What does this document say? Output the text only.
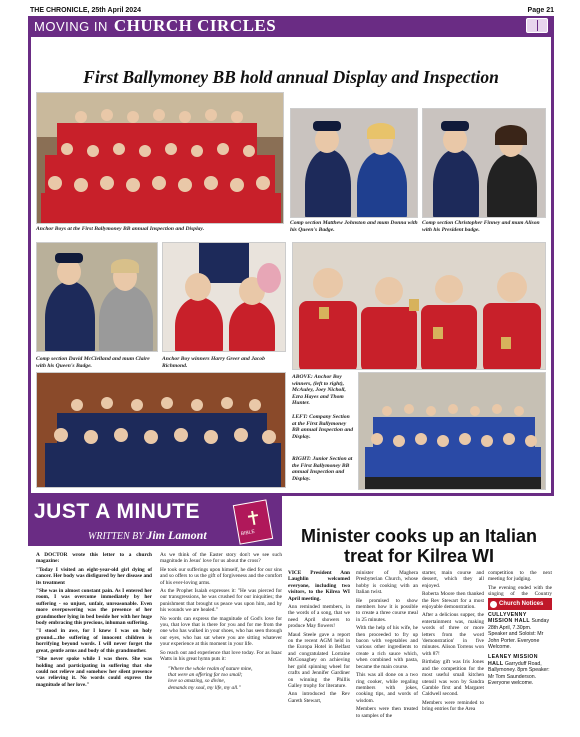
THE CHRONICLE, 25th April 2024	Page 21
MOVING IN CHURCH CIRCLES
First Ballymoney BB hold annual Display and Inspection
Anchor Boys at the First Ballymoney BB annual Inspection and Display.
Comp section Matthew Johnston and mum Donna with his Queen's Badge.
Comp section Christopher Finney and mum Alison with his President badge.
Comp section David McClelland and mum Claire with his Queen's Badge.
Anchor Boy winners Harry Greer and Jacob Richmond.
ABOVE: Anchor Boy winners, (left to right), McAuley, Joey Nicholl, Ezra Hayes and Thom Hunter.
LEFT: Company Section at the First Ballymoney BB annual Inspection and Display.
RIGHT: Junior Section at the First Ballymoney BB annual Inspection and Display.
JUST A MINUTE
WRITTEN BY Jim Lamont	BIBLE

A DOCTOR wrote this letter to a church magazine:

"Today I visited an eight-year-old girl dying of cancer. Her body was disfigured by her disease and its treatment

"She was in almost constant pain. As I entered her room, I was overcome immediately by her suffering - so unjust, unfair, unreasonable. Even more overpowering was the presence of her grandmother lying in bed beside her with her huge body embracing this precious, inhuman suffering.

"I stood in awe, for I knew I was on holy ground....the suffering of innocent children is horrifying beyond words. I will never forget the great, gentle arms and body of this grandmother.

"She never spoke while I was there. She was holding and participating in suffering that she could not relieve and somehow her silent presence was relieving it. No words could express the magnitude of her love."

As we think of the Easter story don't we see such magnitude in Jesus' love for us about the cross?

He took our sufferings upon himself, he died for our sins and so offers to us the gift of forgiveness and the comfort of his ever-loving arms.

As the Prophet Isaiah expresses it: "He was pierced for our transgressions, he was crushed for our iniquities; the punishment that brought us peace was upon him, and by his wounds we are healed."

No words can express the magnitude of God's love for you, that love that is there for you and for me from the one who has walked in your shoes, who has seen through our eyes, who has sat where you are sitting whatever your experience at this moment in your life.

So reach out and experience that love today. For as Isaac Watts in his great hymn puts it:

"Where the whole realm of nature mine,
that were an offering far too small;
love so amazing, so divine,
demands my soul, my life, my all."
Minister cooks up an Italian treat for Kilrea WI

VICE President Ann Laughlin welcomed everyone, including two visitors, to the Kilrea WI April meeting.

Ann reminded members, in the words of a song, that we need April showers to produce May flowers!

Maud Steele gave a report on the recent AGM held in the Europa Hotel in Belfast and congratulated Lorraine McGonaghey on achieving her gold spinning wheel for crafts and Jennifer Gardiner on winning the Phillis Galley trophy for literature.

Ann introduced the Rev Gareth Stewart,

minister of Maghera Presbyterian Church, whose hobby is cooking with an Italian twist.

He promised to show members how it is possible to create a three course meal in 25 minutes.

With the help of his wife, he then proceeded to fry up bacon with vegetables and various other ingredients to create a rich sauce which, when combined with pasta, became the main course.

This was all done on a two ring cooker, while regaling members with jokes, cooking tips, and words of wisdom.

Members were then treated to samples of the

starter, main course and dessert, which they all enjoyed.

Roberta Moore then thanked the Rev Stewart for a most enjoyable demonstration.

After a delicious supper, the entertainment was, making words of three or more letters from the word 'demonstration' in five minutes. Alison Torrens won with 87!

Birthday gift was Iris Jones and the competition for the most useful small kitchen utensil was won by Sandra Gamble first and Margaret Caldwell second.

Members were reminded to bring entries for the Area

competition to the next meeting for judging.

The evening ended with the singing of the Country

Church Notices

CULLYVENNY MISSION HALL Sunday 28th April, 7.30pm. Speaker and Soloist: Mr John Porter. Everyone Welcome.

LEANEY MISSION HALL Garryduff Road, Ballymoney. 8pm Speaker: Mr Tom Saunderson. Everyone welcome.
